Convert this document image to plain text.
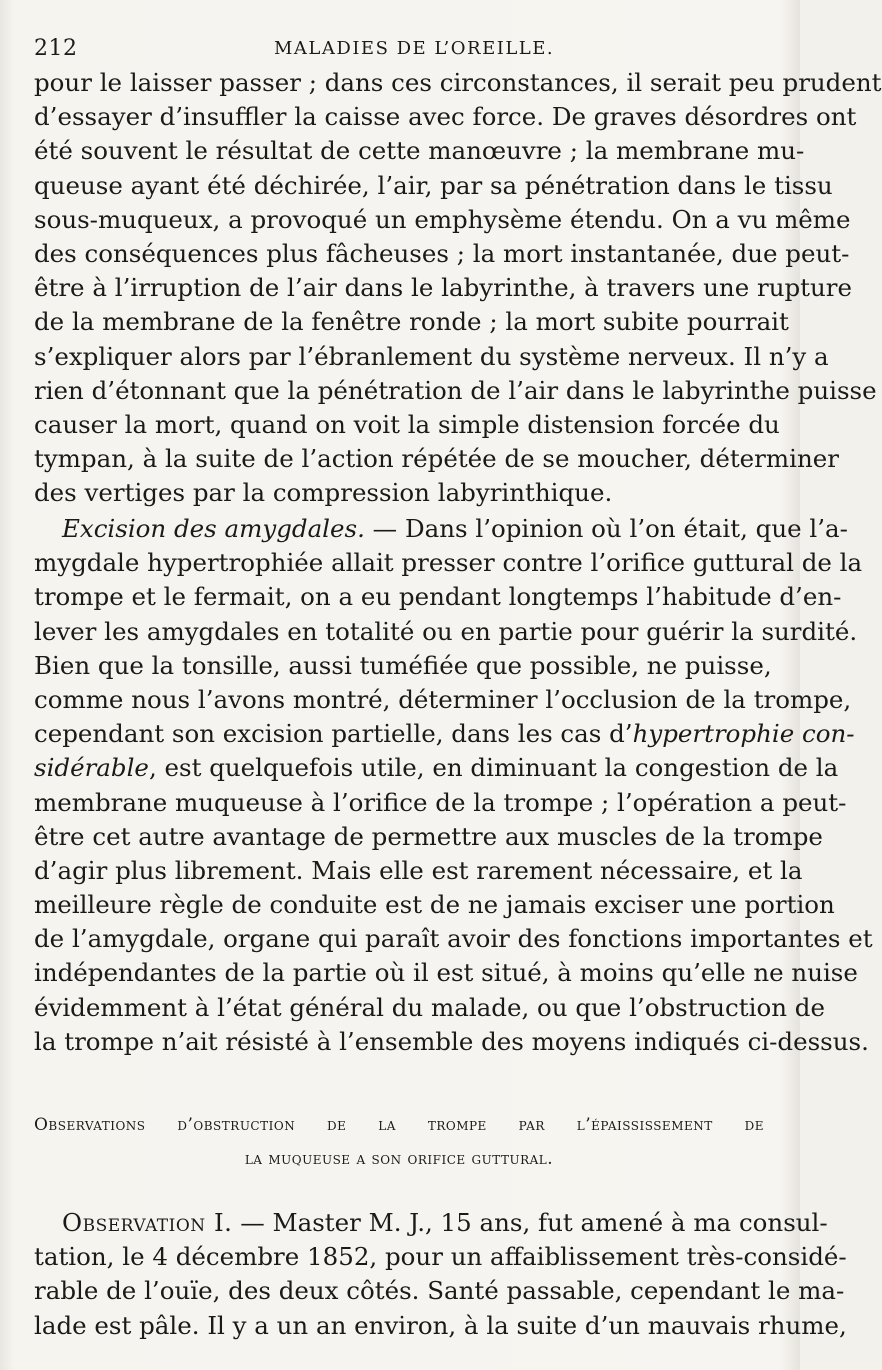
212	MALADIES DE L’OREILLE.
pour le laisser passer ; dans ces circonstances, il serait peu prudent
d’essayer d’insuffler la caisse avec force. De graves désordres ont
été souvent le résultat de cette manœuvre ; la membrane mu-
queuse ayant été déchirée, l’air, par sa pénétration dans le tissu
sous-muqueux, a provoqué un emphysème étendu. On a vu même
des conséquences plus fâcheuses ; la mort instantanée, due peut-
être à l’irruption de l’air dans le labyrinthe, à travers une rupture
de la membrane de la fenêtre ronde ; la mort subite pourrait
s’expliquer alors par l’ébranlement du système nerveux. Il n’y a
rien d’étonnant que la pénétration de l’air dans le labyrinthe puisse
causer la mort, quand on voit la simple distension forcée du
tympan, à la suite de l’action répétée de se moucher, déterminer
des vertiges par la compression labyrinthique.
Excision des amygdales. — Dans l’opinion où l’on était, que l’a-
mygdale hypertrophiée allait presser contre l’orifice guttural de la
trompe et le fermait, on a eu pendant longtemps l’habitude d’en-
lever les amygdales en totalité ou en partie pour guérir la surdité.
Bien que la tonsille, aussi tuméfiée que possible, ne puisse,
comme nous l’avons montré, déterminer l’occlusion de la trompe,
cependant son excision partielle, dans les cas d’hypertrophie con-
sidérable, est quelquefois utile, en diminuant la congestion de la
membrane muqueuse à l’orifice de la trompe ; l’opération a peut-
être cet autre avantage de permettre aux muscles de la trompe
d’agir plus librement. Mais elle est rarement nécessaire, et la
meilleure règle de conduite est de ne jamais exciser une portion
de l’amygdale, organe qui paraît avoir des fonctions importantes et
indépendantes de la partie où il est situé, à moins qu’elle ne nuise
évidemment à l’état général du malade, ou que l’obstruction de
la trompe n’ait résisté à l’ensemble des moyens indiqués ci-dessus.
Observations d’obstruction de la trompe par l’épaississement de
la muqueuse a son orifice guttural.
Observation I. — Master M. J., 15 ans, fut amené à ma consul-
tation, le 4 décembre 1852, pour un affaiblissement très-considé-
rable de l’ouïe, des deux côtés. Santé passable, cependant le ma-
lade est pâle. Il y a un an environ, à la suite d’un mauvais rhume,
